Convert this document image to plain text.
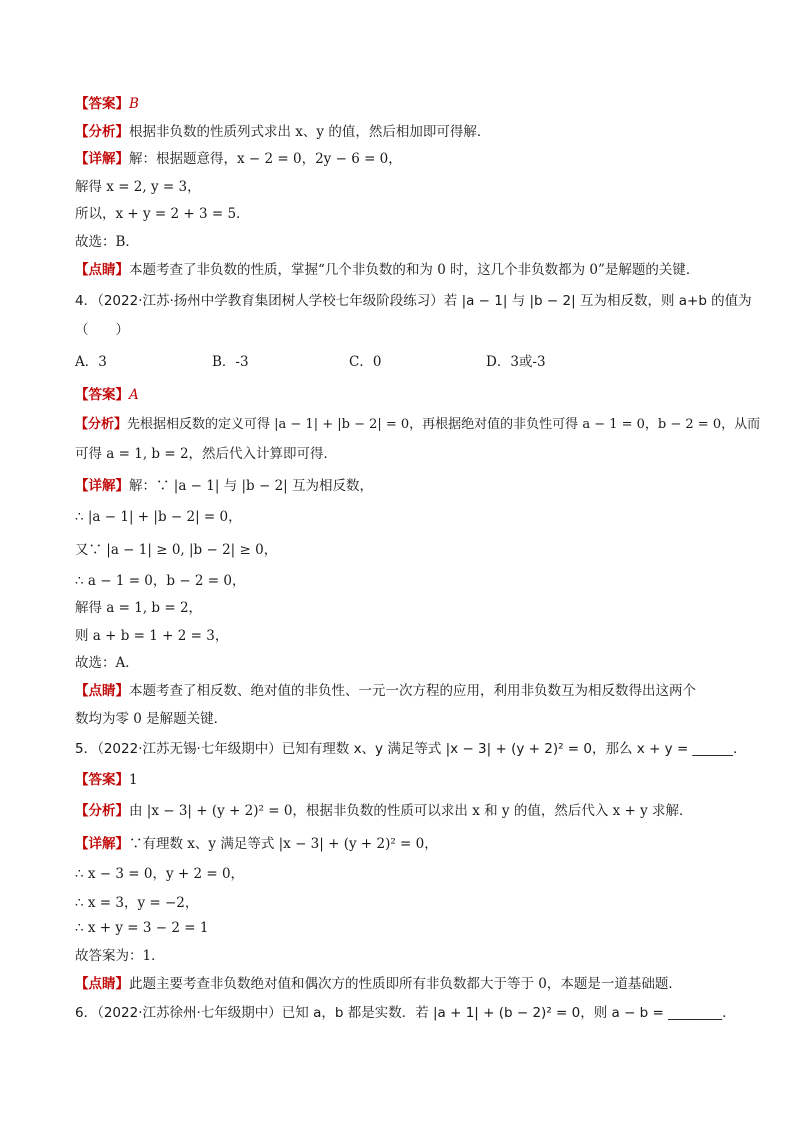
【答案】B
【分析】根据非负数的性质列式求出 x、y 的值，然后相加即可得解．
【详解】解：根据题意得，x − 2 = 0，2y − 6 = 0，
解得 x = 2, y = 3，
所以，x + y = 2 + 3 = 5．
故选：B．
【点睛】本题考查了非负数的性质，掌握“几个非负数的和为 0 时，这几个非负数都为 0”是解题的关键．
4．（2022·江苏·扬州中学教育集团树人学校七年级阶段练习）若 |a − 1| 与 |b − 2| 互为相反数，则 a+b 的值为
（　　）
A．3	B．-3	C．0	D．3或-3
【答案】A
【分析】先根据相反数的定义可得 |a − 1| + |b − 2| = 0，再根据绝对值的非负性可得 a − 1 = 0，b − 2 = 0，从而
可得 a = 1, b = 2，然后代入计算即可得．
【详解】解：∵ |a − 1| 与 |b − 2| 互为相反数，
∴ |a − 1| + |b − 2| = 0，
又∵ |a − 1| ≥ 0, |b − 2| ≥ 0，
∴ a − 1 = 0，b − 2 = 0，
解得 a = 1, b = 2，
则 a + b = 1 + 2 = 3，
故选：A．
【点睛】本题考查了相反数、绝对值的非负性、一元一次方程的应用，利用非负数互为相反数得出这两个
数均为零 0 是解题关键．
5．（2022·江苏无锡·七年级期中）已知有理数 x、y 满足等式 |x − 3| + (y + 2)² = 0，那么 x + y = ______．
【答案】1
【分析】由 |x − 3| + (y + 2)² = 0，根据非负数的性质可以求出 x 和 y 的值，然后代入 x + y 求解．
【详解】∵有理数 x、y 满足等式 |x − 3| + (y + 2)² = 0，
∴ x − 3 = 0，y + 2 = 0，
∴ x = 3，y = −2，
∴ x + y = 3 − 2 = 1
故答案为：1．
【点睛】此题主要考查非负数绝对值和偶次方的性质即所有非负数都大于等于 0，本题是一道基础题．
6．（2022·江苏徐州·七年级期中）已知 a，b 都是实数．若 |a + 1| + (b − 2)² = 0，则 a − b = ________．
